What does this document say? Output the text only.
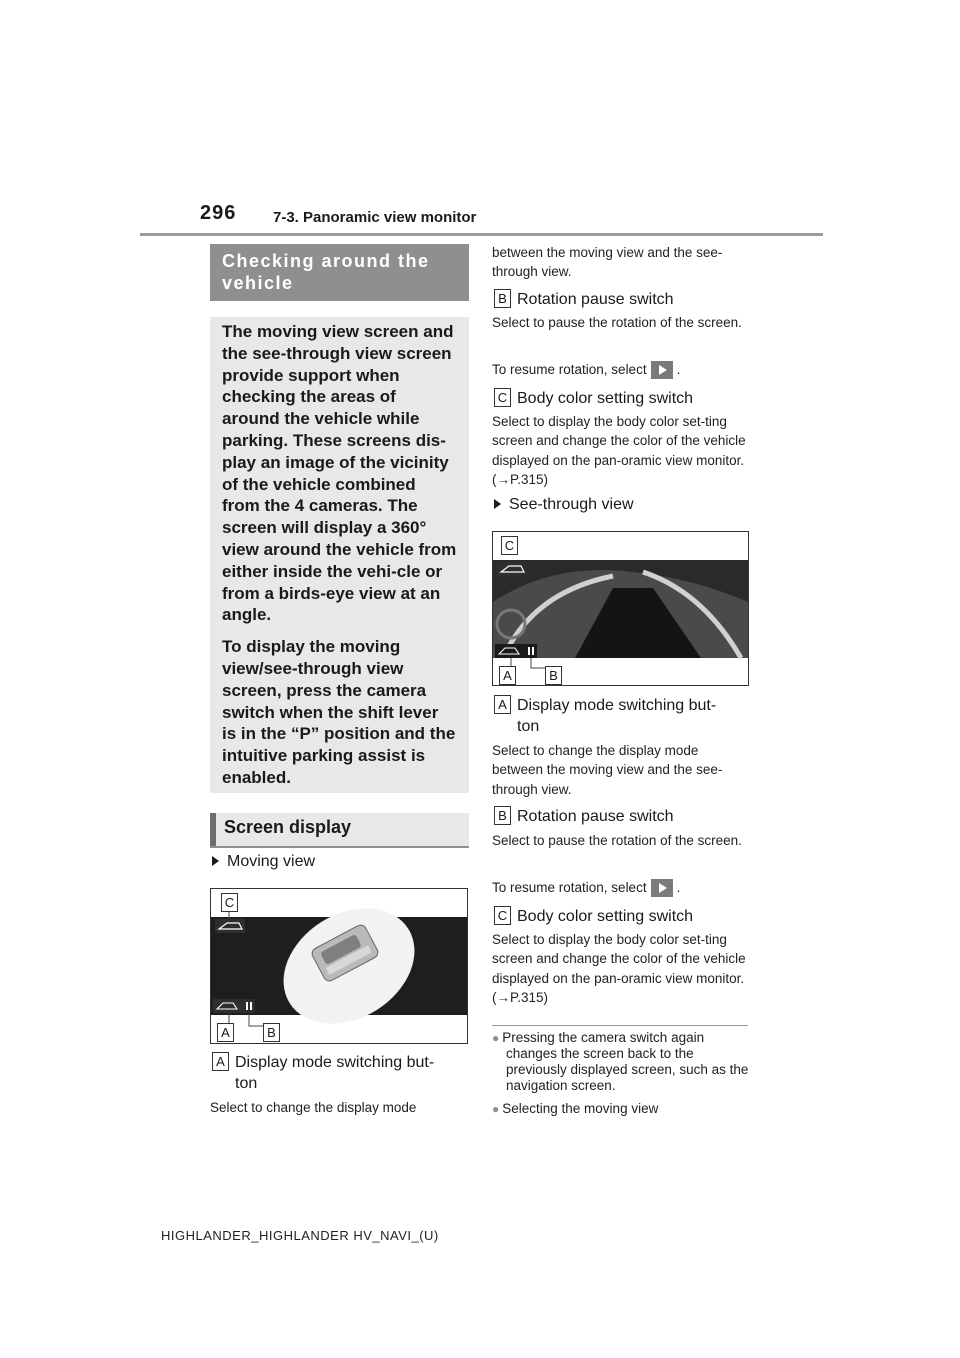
296 7-3. Panoramic view monitor
Checking around the vehicle

The moving view screen and the see-through view screen provide support when checking the areas of around the vehicle while parking. These screens dis-play an image of the vicinity of the vehicle combined from the 4 cameras. The screen will display a 360° view around the vehicle from either inside the vehi-cle or from a birds-eye view at an angle.

To display the moving view/see-through view screen, press the camera switch when the shift lever is in the “P” position and the intuitive parking assist is enabled.

Screen display
Moving view
C
A	B
A Display mode switching but-ton
Select to change the display mode
between the moving view and the see-through view.
B Rotation pause switch
Select to pause the rotation of the screen.
To resume rotation, select .
C Body color setting switch
Select to display the body color set-ting screen and change the color of the vehicle displayed on the pan-oramic view monitor. (→P.315)
See-through view
C
A	B
A Display mode switching but-ton
Select to change the display mode between the moving view and the see-through view.
B Rotation pause switch
Select to pause the rotation of the screen.
To resume rotation, select .
C Body color setting switch
Select to display the body color set-ting screen and change the color of the vehicle displayed on the pan-oramic view monitor. (→P.315)
● Pressing the camera switch again changes the screen back to the previously displayed screen, such as the navigation screen.
● Selecting the moving view
HIGHLANDER_HIGHLANDER HV_NAVI_(U)
